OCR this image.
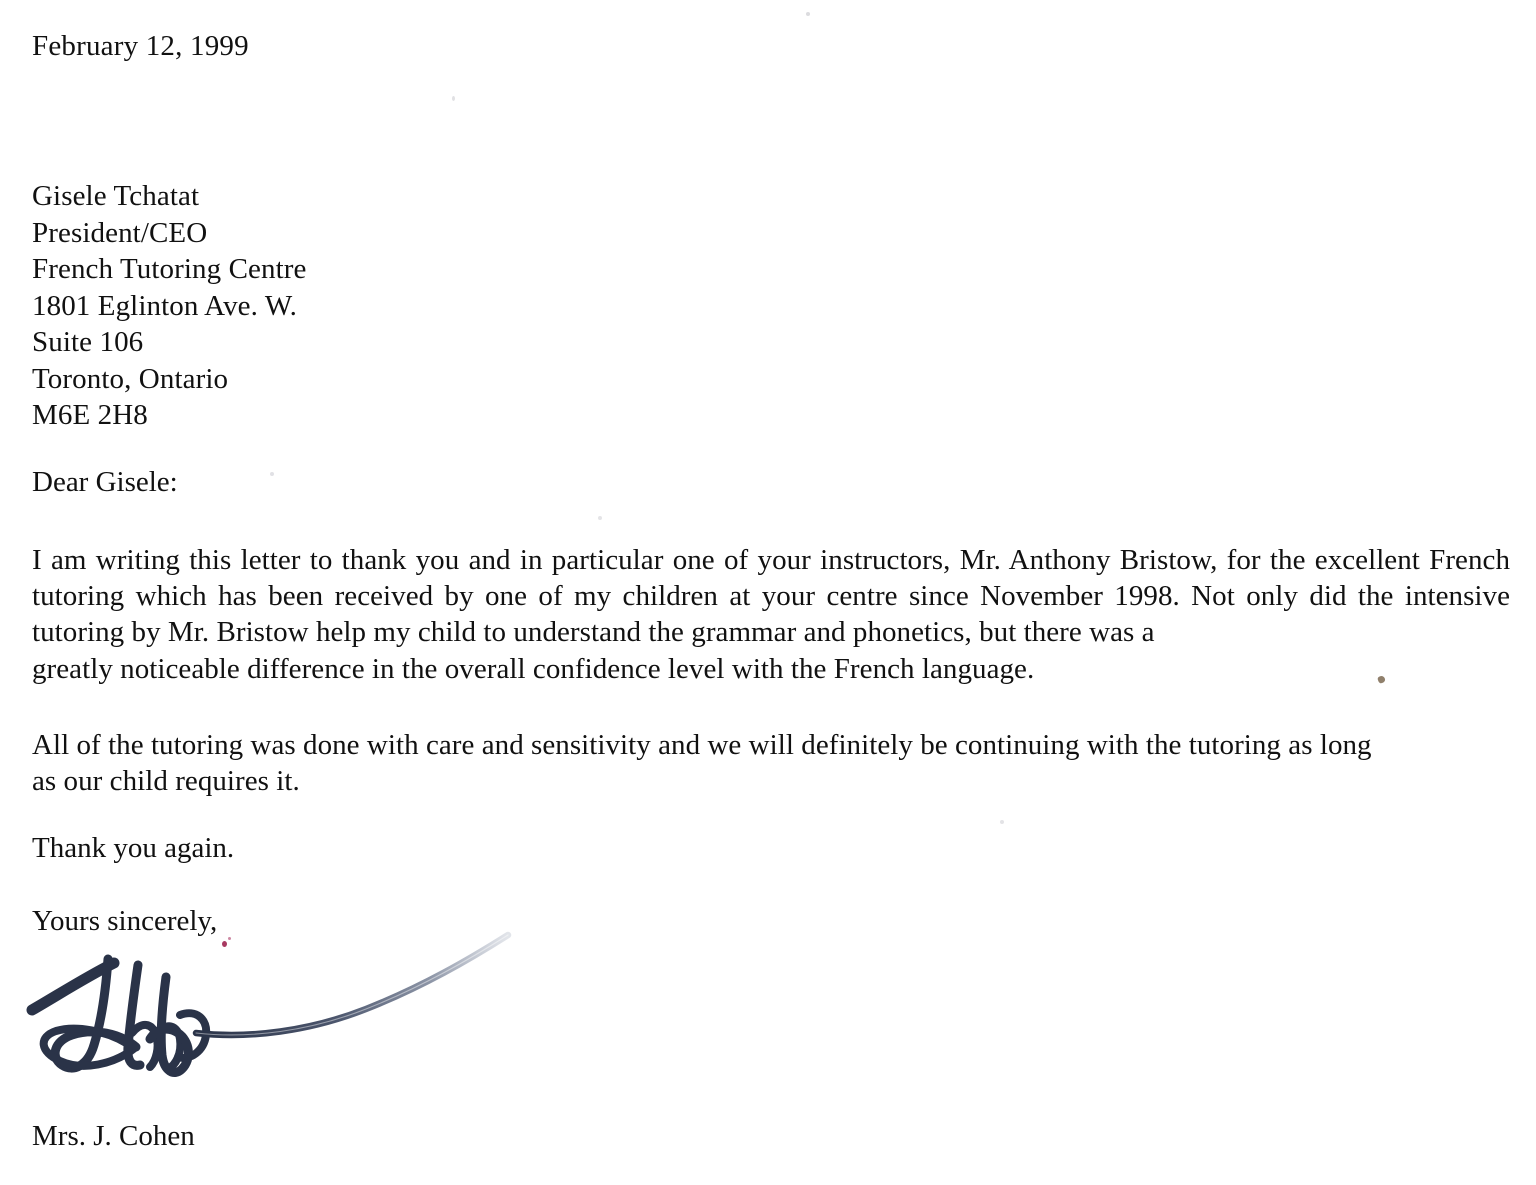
February 12, 1999
Gisele Tchatat
President/CEO
French Tutoring Centre
1801 Eglinton Ave. W.
Suite 106
Toronto, Ontario
M6E 2H8
Dear Gisele:
I am writing this letter to thank you and in particular one of your instructors, Mr. Anthony Bristow, for the excellent French tutoring which has been received by one of my children at your centre since November 1998. Not only did the intensive tutoring by Mr. Bristow help my child to understand the grammar and phonetics, but there was a
greatly noticeable difference in the overall confidence level with the French language.
All of the tutoring was done with care and sensitivity and we will definitely be continuing with the tutoring as long
as our child requires it.
Thank you again.
Yours sincerely,
Mrs. J. Cohen
